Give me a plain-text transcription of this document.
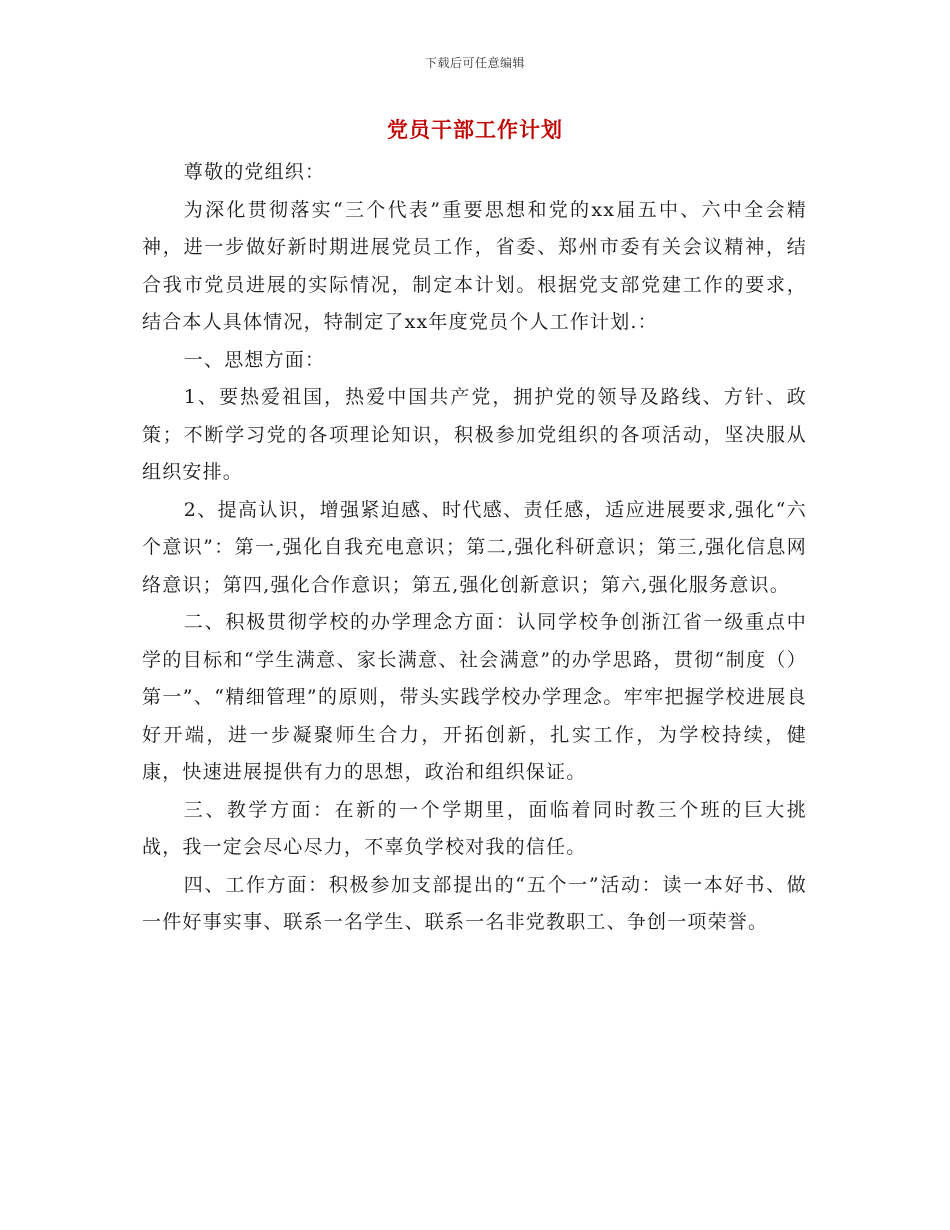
下载后可任意编辑
党员干部工作计划

尊敬的党组织：

为深化贯彻落实“三个代表”重要思想和党的xx届五中、六中全会精神，进一步做好新时期进展党员工作，省委、郑州市委有关会议精神，结合我市党员进展的实际情况，制定本计划。根据党支部党建工作的要求，结合本人具体情况，特制定了xx年度党员个人工作计划.：

一、思想方面：

1、要热爱祖国，热爱中国共产党，拥护党的领导及路线、方针、政策；不断学习党的各项理论知识，积极参加党组织的各项活动，坚决服从组织安排。

2、提高认识，增强紧迫感、时代感、责任感，适应进展要求,强化“六个意识”：第一,强化自我充电意识；第二,强化科研意识；第三,强化信息网络意识；第四,强化合作意识；第五,强化创新意识；第六,强化服务意识。

二、积极贯彻学校的办学理念方面：认同学校争创浙江省一级重点中学的目标和“学生满意、家长满意、社会满意”的办学思路，贯彻“制度（）第一”、“精细管理”的原则，带头实践学校办学理念。牢牢把握学校进展良好开端，进一步凝聚师生合力，开拓创新，扎实工作，为学校持续，健康，快速进展提供有力的思想，政治和组织保证。

三、教学方面：在新的一个学期里，面临着同时教三个班的巨大挑战，我一定会尽心尽力，不辜负学校对我的信任。

四、工作方面：积极参加支部提出的“五个一”活动：读一本好书、做一件好事实事、联系一名学生、联系一名非党教职工、争创一项荣誉。
